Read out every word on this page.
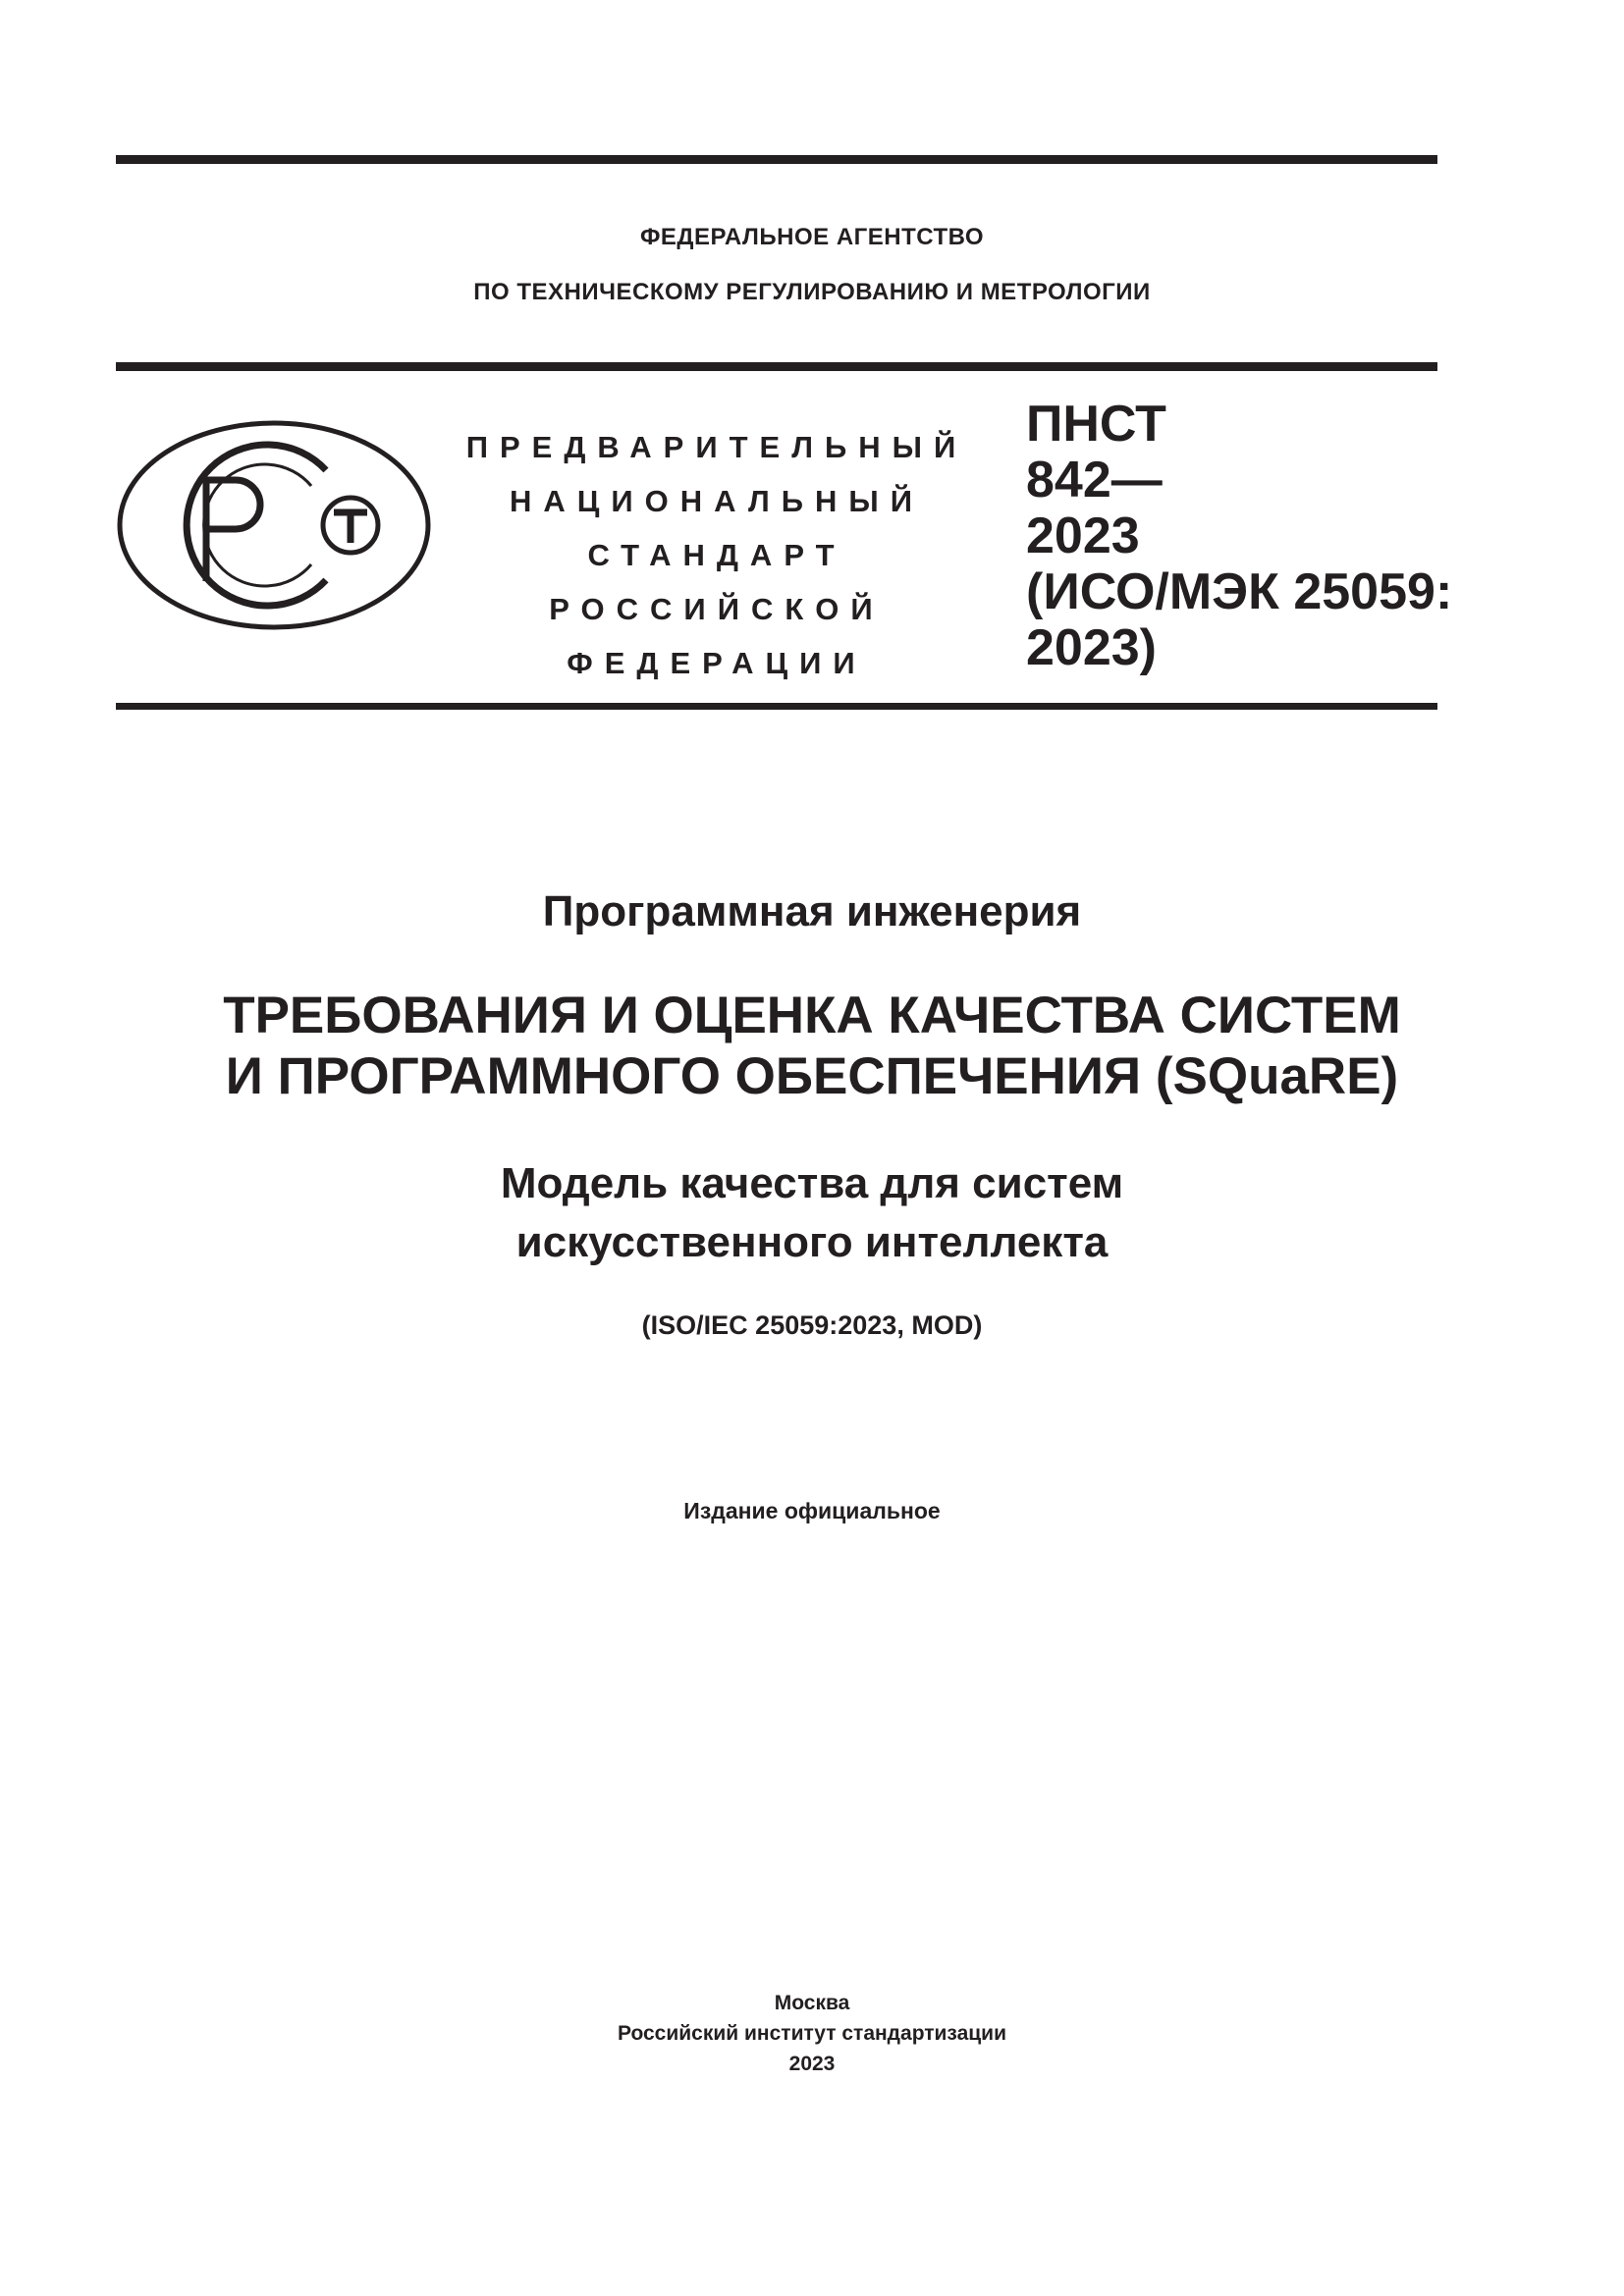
ФЕДЕРАЛЬНОЕ АГЕНТСТВО
ПО ТЕХНИЧЕСКОМУ РЕГУЛИРОВАНИЮ И МЕТРОЛОГИИ
ПРЕДВАРИТЕЛЬНЫЙ
НАЦИОНАЛЬНЫЙ
СТАНДАРТ
РОССИЙСКОЙ
ФЕДЕРАЦИИ
ПНСТ
842—
2023
(ИСО/МЭК 25059:
2023)
Программная инженерия
ТРЕБОВАНИЯ И ОЦЕНКА КАЧЕСТВА СИСТЕМ
И ПРОГРАММНОГО ОБЕСПЕЧЕНИЯ (SQuaRE)
Модель качества для систем
искусственного интеллекта
(ISO/IEC 25059:2023, MOD)
Издание официальное
Москва
Российский институт стандартизации
2023
